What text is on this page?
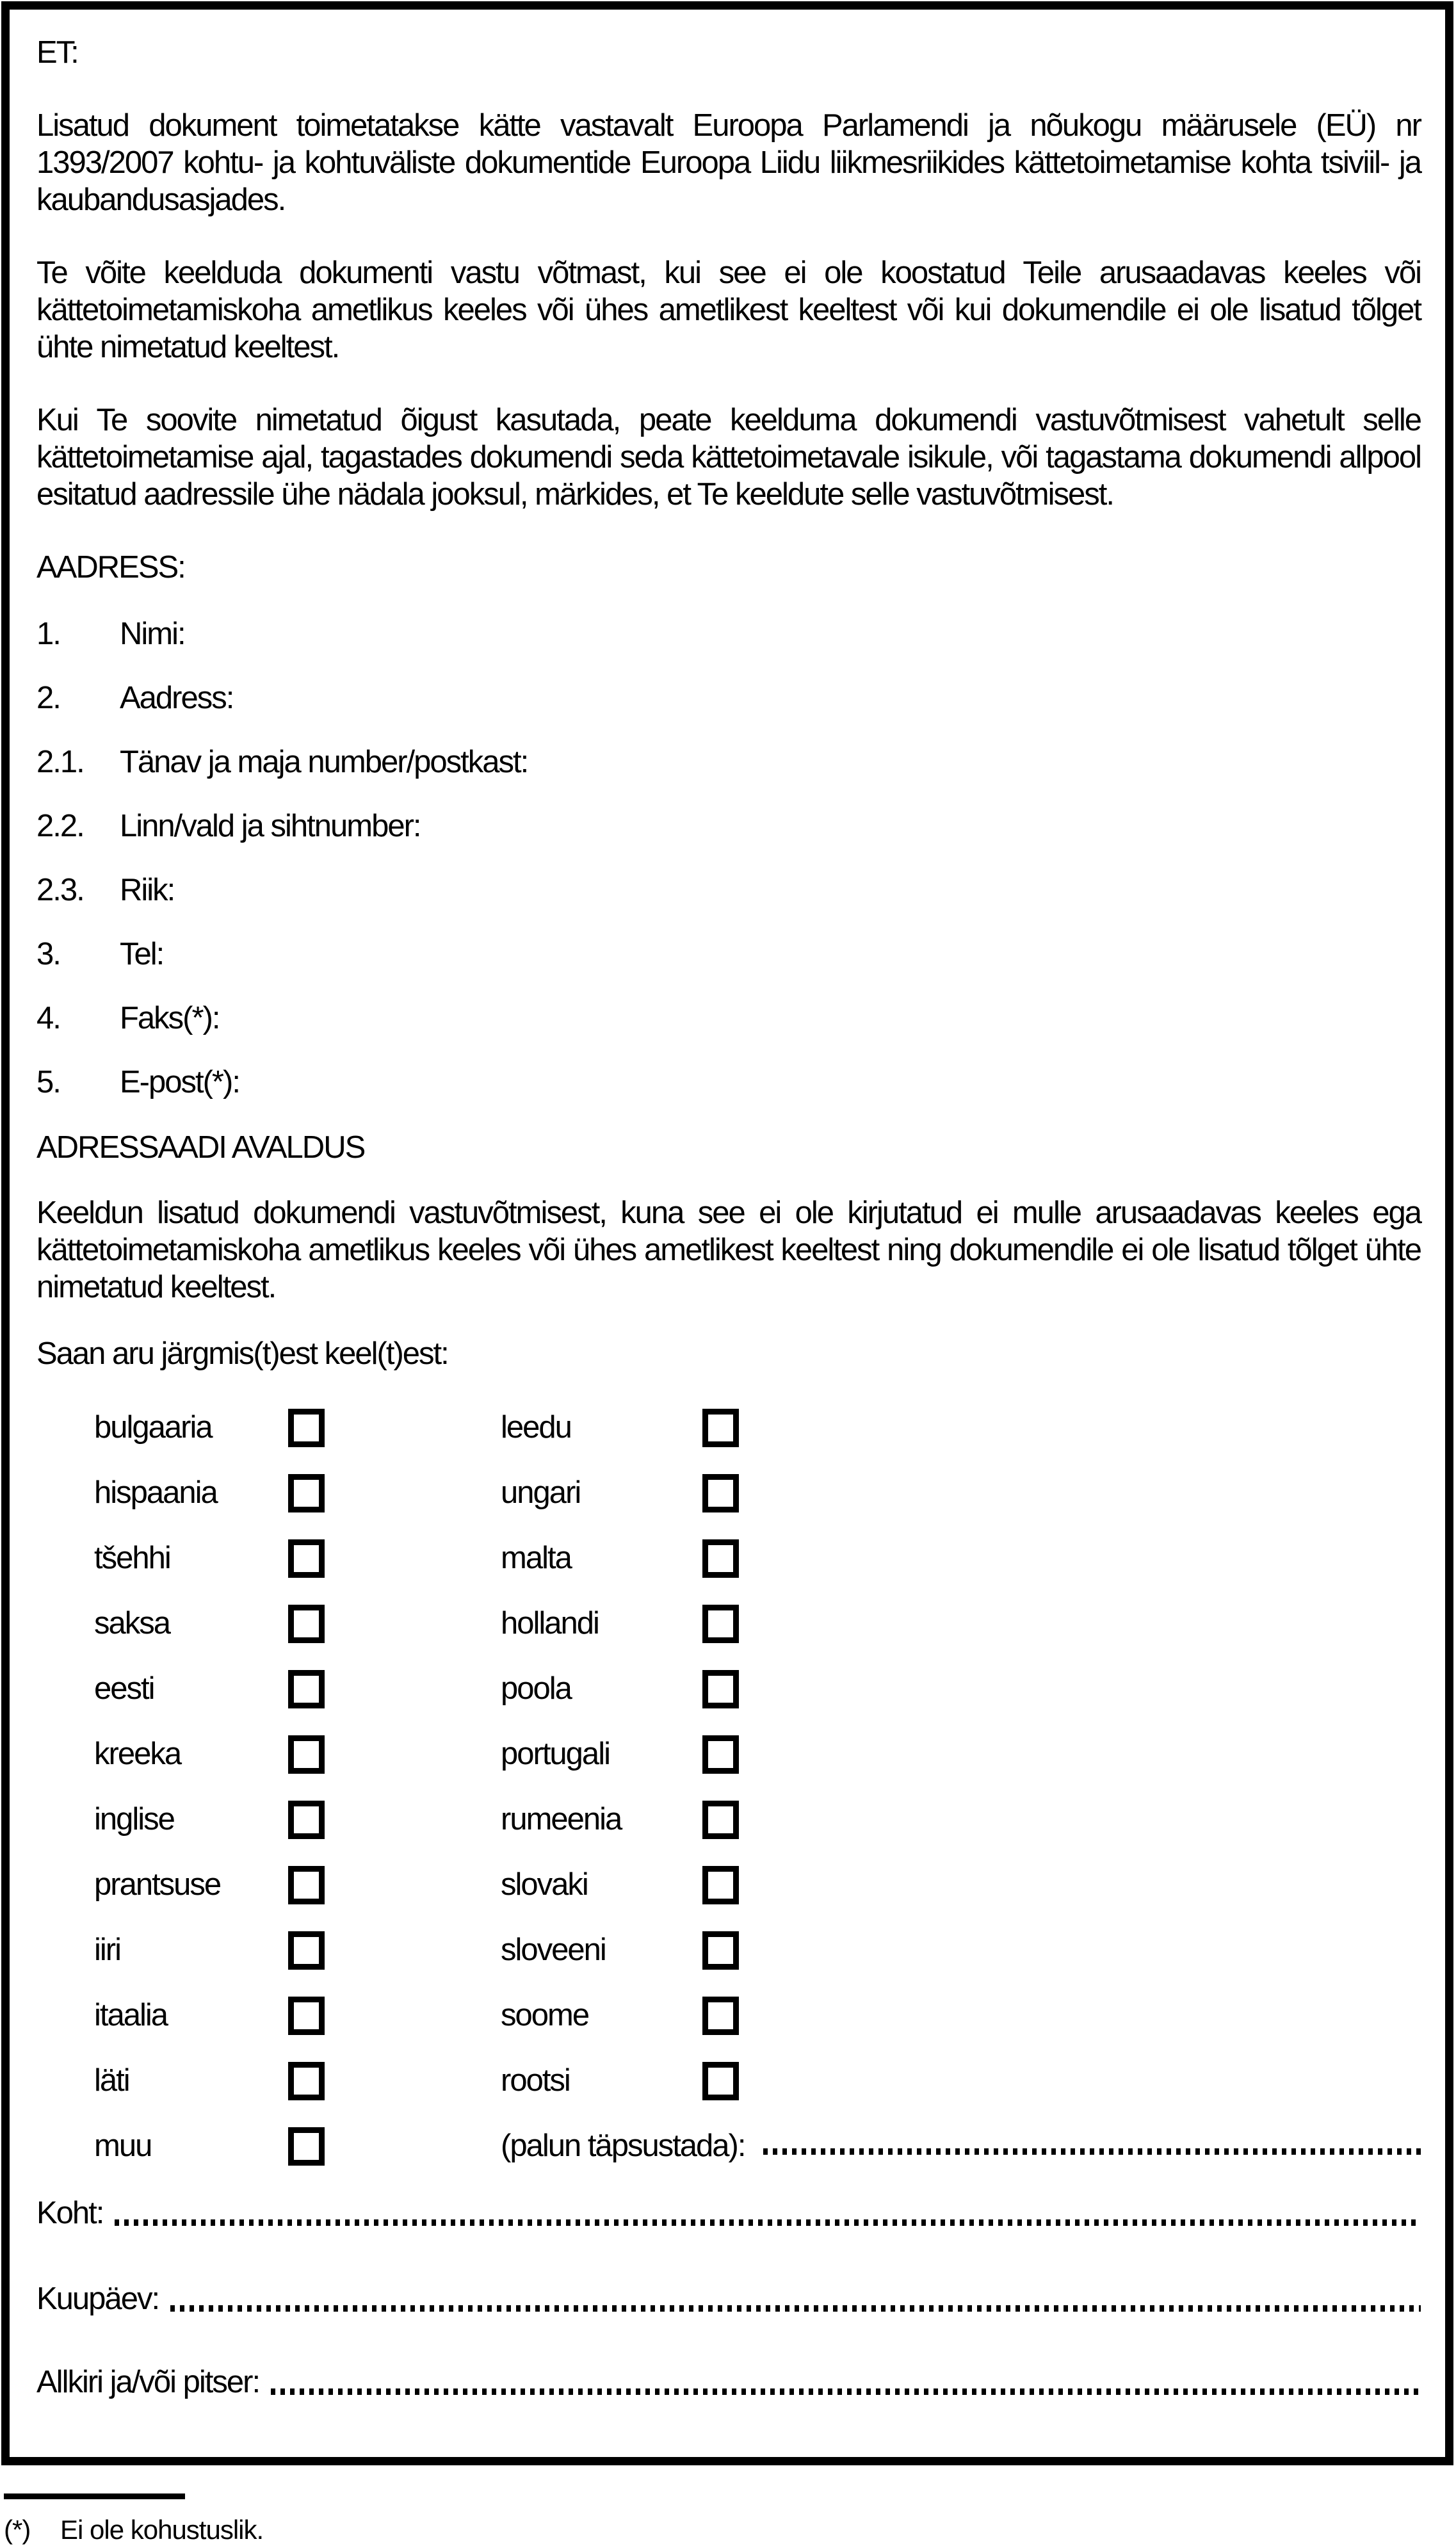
ET:

Lisatud dokument toimetatakse kätte vastavalt Euroopa Parlamendi ja nõukogu määrusele (EÜ) nr 1393/2007 kohtu- ja kohtuväliste dokumentide Euroopa Liidu liikmesriikides kättetoimetamise kohta tsiviil- ja kaubandusasjades.

Te võite keelduda dokumenti vastu võtmast, kui see ei ole koostatud Teile arusaadavas keeles või kättetoimetamiskoha ametlikus keeles või ühes ametlikest keeltest või kui dokumendile ei ole lisatud tõlget ühte nimetatud keeltest.

Kui Te soovite nimetatud õigust kasutada, peate keelduma dokumendi vastuvõtmisest vahetult selle kättetoimetamise ajal, tagastades dokumendi seda kättetoimetavale isikule, või tagastama dokumendi allpool esitatud aadressile ühe nädala jooksul, märkides, et Te keeldute selle vastuvõtmisest.

AADRESS:
1.	Nimi:
2.	Aadress:
2.1.	Tänav ja maja number/postkast:
2.2.	Linn/vald ja sihtnumber:
2.3.	Riik:
3.	Tel:
4.	Faks(*):
5.	E-post(*):
ADRESSAADI AVALDUS

Keeldun lisatud dokumendi vastuvõtmisest, kuna see ei ole kirjutatud ei mulle arusaadavas keeles ega kättetoimetamiskoha ametlikus keeles või ühes ametlikest keeltest ning dokumendile ei ole lisatud tõlget ühte nimetatud keeltest.

Saan aru järgmis(t)est keel(t)est:
bulgaaria	leedu
hispaania	ungari
tšehhi	malta
saksa	hollandi
eesti	poola
kreeka	portugali
inglise	rumeenia
prantsuse	slovaki
iiri	sloveeni
itaalia	soome
läti	rootsi
muu	(palun täpsustada):
Koht:
Kuupäev:
Allkiri ja/või pitser:
(*)	Ei ole kohustuslik.
